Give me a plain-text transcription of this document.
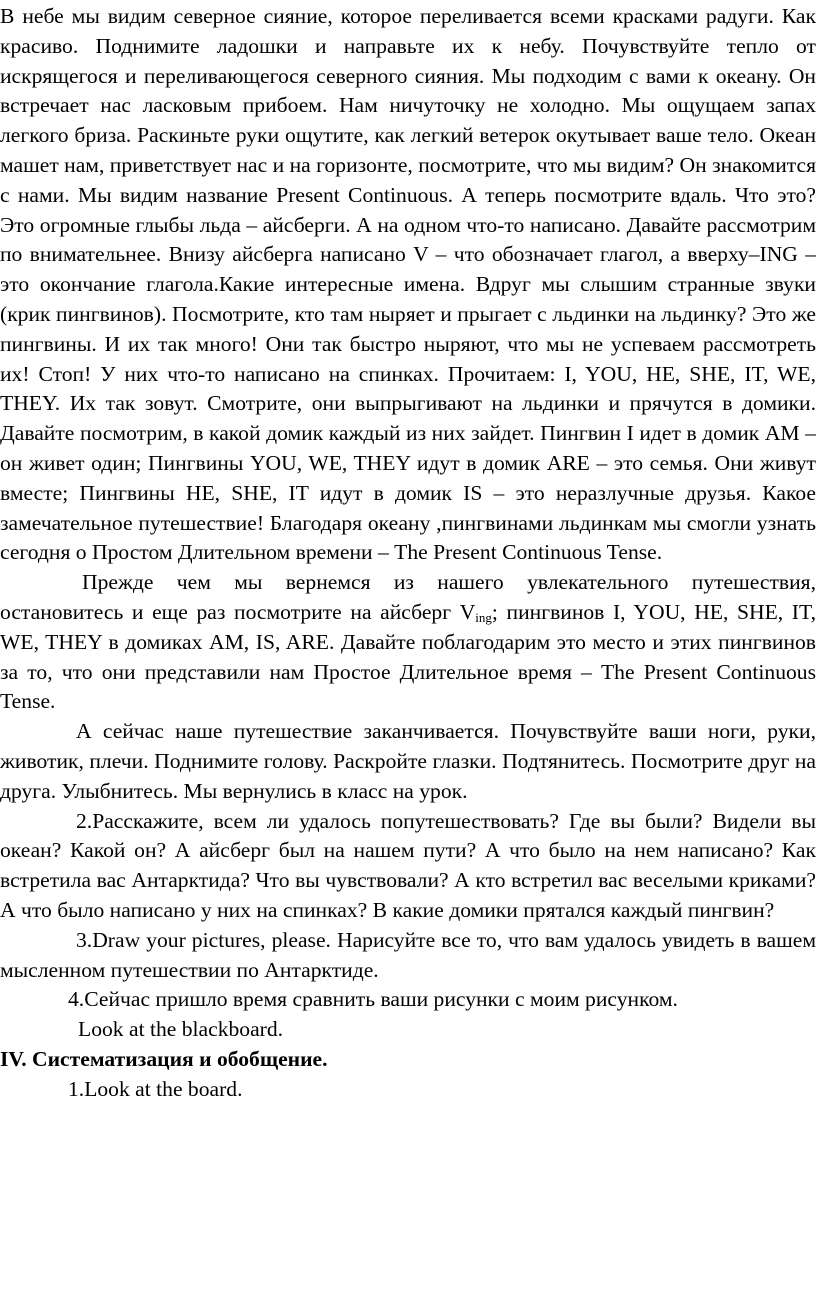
В небе мы видим северное сияние, которое переливается всеми красками радуги. Как красиво. Поднимите ладошки и направьте их к небу. Почувствуйте тепло от искрящегося и переливающегося северного сияния. Мы подходим с вами к океану. Он встречает нас ласковым прибоем. Нам ничуточку не холодно. Мы ощущаем запах легкого бриза. Раскиньте руки ощутите, как легкий ветерок окутывает ваше тело. Океан машет нам, приветствует нас и на горизонте, посмотрите, что мы видим? Он знакомится с нами. Мы видим название Present Continuous. А теперь посмотрите вдаль. Что это? Это огромные глыбы льда – айсберги. А на одном что-то написано. Давайте рассмотрим по внимательнее. Внизу айсберга написано V – что обозначает глагол, а вверху–ING – это окончание глагола.Какие интересные имена. Вдруг мы слышим странные звуки (крик пингвинов). Посмотрите, кто там ныряет и прыгает с льдинки на льдинку? Это же пингвины. И их так много! Они так быстро ныряют, что мы не успеваем рассмотреть их! Стоп! У них что-то написано на спинках. Прочитаем: I, YOU, HE, SHE, IT, WE, THEY. Их так зовут. Смотрите, они выпрыгивают на льдинки и прячутся в домики. Давайте посмотрим, в какой домик каждый из них зайдет. Пингвин I идет в домик AM – он живет один; Пингвины YOU, WE, THEY идут в домик ARE – это семья. Они живут вместе; Пингвины HE, SHE, IT идут в домик IS – это неразлучные друзья. Какое замечательное путешествие! Благодаря океану ,пингвинами льдинкам мы смогли узнать сегодня о Простом Длительном времени – The Present Continuous Tense.

Прежде чем мы вернемся из нашего увлекательного путешествия, остановитесь и еще раз посмотрите на айсберг $V_{ing}$; пингвинов I, YOU, HE, SHE, IT, WE, THEY в домиках AM, IS, ARE. Давайте поблагодарим это место и этих пингвинов за то, что они представили нам Простое Длительное время – The Present Continuous Tense.

А сейчас наше путешествие заканчивается. Почувствуйте ваши ноги, руки, животик, плечи. Поднимите голову. Раскройте глазки. Подтянитесь. Посмотрите друг на друга. Улыбнитесь. Мы вернулись в класс на урок.

2.Расскажите, всем ли удалось попутешествовать? Где вы были? Видели вы океан? Какой он? А айсберг был на нашем пути? А что было на нем написано? Как встретила вас Антарктида? Что вы чувствовали? А кто встретил вас веселыми криками? А что было написано у них на спинках? В какие домики прятался каждый пингвин?

3.Draw your pictures, please. Нарисуйте все то, что вам удалось увидеть в вашем мысленном путешествии по Антарктиде.

4.Сейчас пришло время сравнить ваши рисунки с моим рисунком.

Look at the blackboard.

IV. Систематизация и обобщение.

1.Look at the board.
